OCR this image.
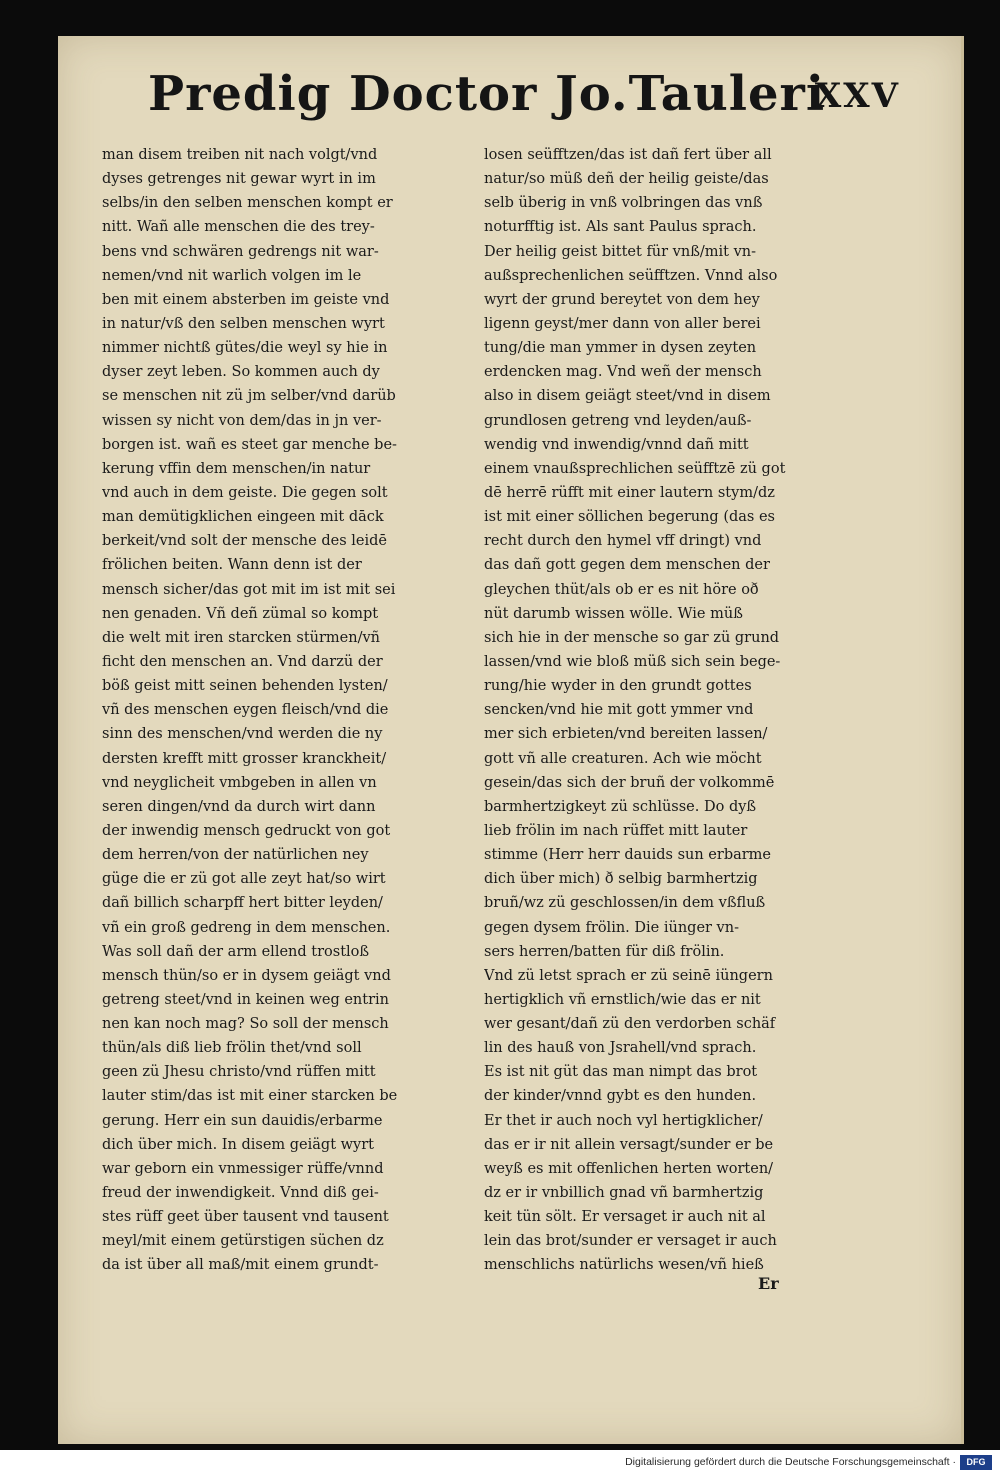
Predig Doctor Jo.Tauleri
XXV
man disem treiben nit nach volgt/vnd
dyses getrenges nit gewar wyrt in im
selbs/in den selben menschen kompt er
nitt. Wañ alle menschen die des trey-
bens vnd schwären gedrengs nit war-
nemen/vnd nit warlich volgen im le
ben mit einem absterben im geiste vnd
in natur/vß den selben menschen wyrt
nimmer nichtß gütes/die weyl sy hie in
dyser zeyt leben. So kommen auch dy
se menschen nit zü jm selber/vnd darüb
wissen sy nicht von dem/das in jn ver-
borgen ist. wañ es steet gar menche be-
kerung vffin dem menschen/in natur
vnd auch in dem geiste. Die gegen solt
man demütigklichen eingeen mit dāck
berkeit/vnd solt der mensche des leidē
frölichen beiten. Wann denn ist der
mensch sicher/das got mit im ist mit sei
nen genaden. Vñ deñ zümal so kompt
die welt mit iren starcken stürmen/vñ
ficht den menschen an. Vnd darzü der
böß geist mitt seinen behenden lysten/
vñ des menschen eygen fleisch/vnd die
sinn des menschen/vnd werden die ny
dersten krefft mitt grosser kranckheit/
vnd neyglicheit vmbgeben in allen vn
seren dingen/vnd da durch wirt dann
der inwendig mensch gedruckt von got
dem herren/von der natürlichen ney
güge die er zü got alle zeyt hat/so wirt
dañ billich scharpff hert bitter leyden/
vñ ein groß gedreng in dem menschen.
Was soll dañ der arm ellend trostloß
mensch thün/so er in dysem geiägt vnd
getreng steet/vnd in keinen weg entrin
nen kan noch mag? So soll der mensch
thün/als diß lieb frölin thet/vnd soll
geen zü Jhesu christo/vnd rüffen mitt
lauter stim/das ist mit einer starcken be
gerung. Herr ein sun dauidis/erbarme
dich über mich. In disem geiägt wyrt
war geborn ein vnmessiger rüffe/vnnd
freud der inwendigkeit. Vnnd diß gei-
stes rüff geet über tausent vnd tausent
meyl/mit einem getürstigen süchen dz
da ist über all maß/mit einem grundt-
losen seüfftzen/das ist dañ fert über all
natur/so müß deñ der heilig geiste/das
selb überig in vnß volbringen das vnß
noturfftig ist. Als sant Paulus sprach.
Der heilig geist bittet für vnß/mit vn-
außsprechenlichen seüfftzen. Vnnd also
wyrt der grund bereytet von dem hey
ligenn geyst/mer dann von aller berei
tung/die man ymmer in dysen zeyten
erdencken mag. Vnd weñ der mensch
also in disem geiägt steet/vnd in disem
grundlosen getreng vnd leyden/auß-
wendig vnd inwendig/vnnd dañ mitt
einem vnaußsprechlichen seüfftzē zü got
dē herrē rüfft mit einer lautern stym/dz
ist mit einer söllichen begerung (das es
recht durch den hymel vff dringt) vnd
das dañ gott gegen dem menschen der
gleychen thüt/als ob er es nit höre oð
nüt darumb wissen wölle. Wie müß
sich hie in der mensche so gar zü grund
lassen/vnd wie bloß müß sich sein bege-
rung/hie wyder in den grundt gottes
sencken/vnd hie mit gott ymmer vnd
mer sich erbieten/vnd bereiten lassen/
gott vñ alle creaturen. Ach wie möcht
gesein/das sich der bruñ der volkommē
barmhertzigkeyt zü schlüsse. Do dyß
lieb frölin im nach rüffet mitt lauter
stimme (Herr herr dauids sun erbarme
dich über mich) ð selbig barmhertzig
bruñ/wz zü geschlossen/in dem vßfluß
gegen dysem frölin. Die iünger vn-
sers herren/batten für diß frölin.
Vnd zü letst sprach er zü seinē iüngern
hertigklich vñ ernstlich/wie das er nit
wer gesant/dañ zü den verdorben schäf
lin des hauß von Jsrahell/vnd sprach.
Es ist nit güt das man nimpt das brot
der kinder/vnnd gybt es den hunden.
Er thet ir auch noch vyl hertigklicher/
das er ir nit allein versagt/sunder er be
weyß es mit offenlichen herten worten/
dz er ir vnbillich gnad vñ barmhertzig
keit tün sölt. Er versaget ir auch nit al
lein das brot/sunder er versaget ir auch
menschlichs natürlichs wesen/vñ hieß
Er
Digitalisierung gefördert durch die Deutsche Forschungsgemeinschaft ·	DFG
